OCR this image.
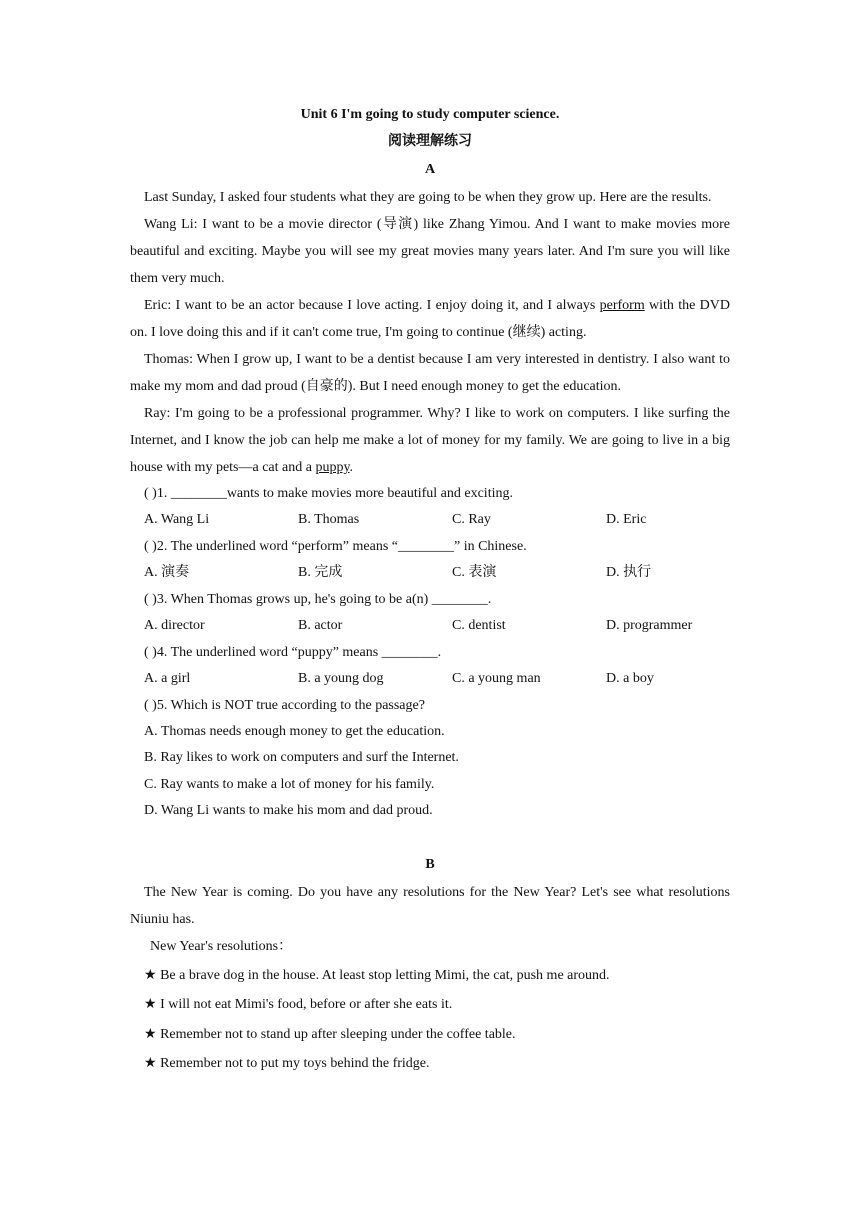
Unit 6 I'm going to study computer science.
阅读理解练习
A

Last Sunday, I asked four students what they are going to be when they grow up. Here are the results.

Wang Li: I want to be a movie director (导演) like Zhang Yimou. And I want to make movies more beautiful and exciting. Maybe you will see my great movies many years later. And I'm sure you will like them very much.

Eric: I want to be an actor because I love acting. I enjoy doing it, and I always perform with the DVD on. I love doing this and if it can't come true, I'm going to continue (继续) acting.

Thomas: When I grow up, I want to be a dentist because I am very interested in dentistry. I also want to make my mom and dad proud (自豪的). But I need enough money to get the education.

Ray: I'm going to be a professional programmer. Why? I like to work on computers. I like surfing the Internet, and I know the job can help me make a lot of money for my family. We are going to live in a big house with my pets—a cat and a puppy.

( )1. ________wants to make movies more beautiful and exciting.
A. Wang Li	B. Thomas	C. Ray	D. Eric
( )2. The underlined word “perform” means “________” in Chinese.
A. 演奏	B. 完成	C. 表演	D. 执行
( )3. When Thomas grows up, he's going to be a(n) ________.
A. director	B. actor	C. dentist	D. programmer
( )4. The underlined word “puppy” means ________.
A. a girl	B. a young dog	C. a young man	D. a boy
( )5. Which is NOT true according to the passage?
A. Thomas needs enough money to get the education.
B. Ray likes to work on computers and surf the Internet.
C. Ray wants to make a lot of money for his family.
D. Wang Li wants to make his mom and dad proud.
B

The New Year is coming. Do you have any resolutions for the New Year? Let's see what resolutions Niuniu has.

New Year's resolutions：
★ Be a brave dog in the house. At least stop letting Mimi, the cat, push me around.
★ I will not eat Mimi's food, before or after she eats it.
★ Remember not to stand up after sleeping under the coffee table.
★ Remember not to put my toys behind the fridge.
